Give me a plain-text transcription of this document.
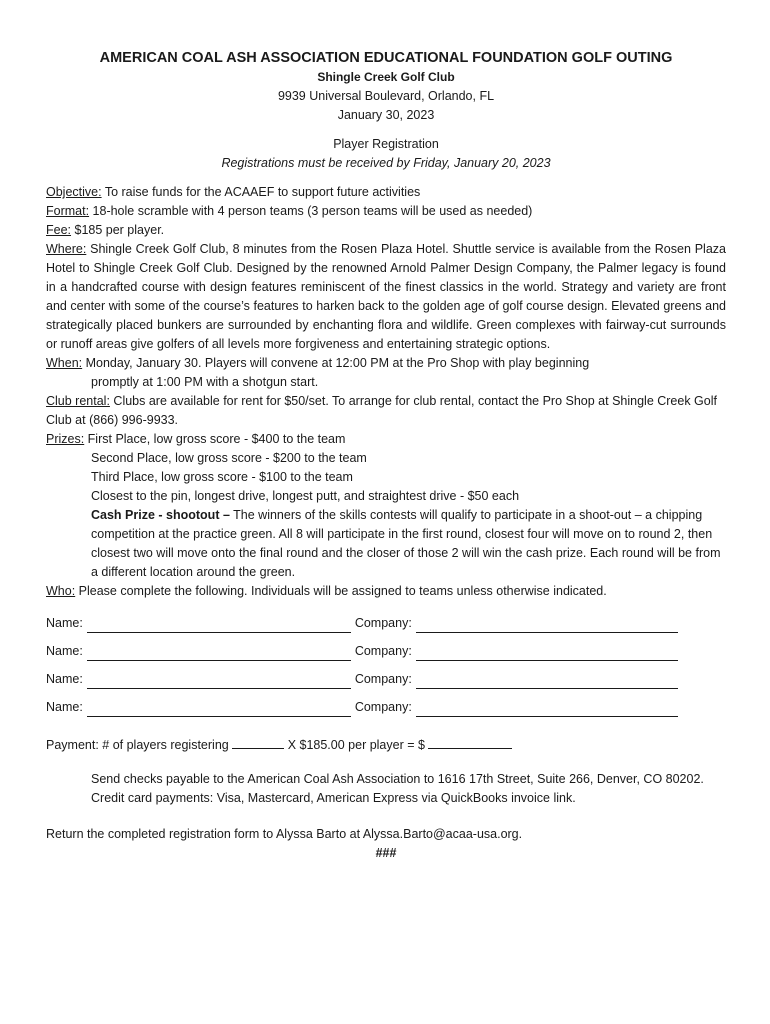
AMERICAN COAL ASH ASSOCIATION EDUCATIONAL FOUNDATION GOLF OUTING
Shingle Creek Golf Club
9939 Universal Boulevard, Orlando, FL
January 30, 2023
Player Registration
Registrations must be received by Friday, January 20, 2023
Objective: To raise funds for the ACAAEF to support future activities
Format: 18-hole scramble with 4 person teams (3 person teams will be used as needed)
Fee: $185 per player.
Where: Shingle Creek Golf Club, 8 minutes from the Rosen Plaza Hotel. Shuttle service is available from the Rosen Plaza Hotel to Shingle Creek Golf Club. Designed by the renowned Arnold Palmer Design Company, the Palmer legacy is found in a handcrafted course with design features reminiscent of the finest classics in the world. Strategy and variety are front and center with some of the course’s features to harken back to the golden age of golf course design. Elevated greens and strategically placed bunkers are surrounded by enchanting flora and wildlife. Green complexes with fairway-cut surrounds or runoff areas give golfers of all levels more forgiveness and entertaining strategic options.
When: Monday, January 30. Players will convene at 12:00 PM at the Pro Shop with play beginning
promptly at 1:00 PM with a shotgun start.
Club rental: Clubs are available for rent for $50/set. To arrange for club rental, contact the Pro Shop at Shingle Creek Golf Club at (866) 996-9933.
Prizes: First Place, low gross score - $400 to the team
Second Place, low gross score - $200 to the team
Third Place, low gross score - $100 to the team
Closest to the pin, longest drive, longest putt, and straightest drive - $50 each
Cash Prize - shootout – The winners of the skills contests will qualify to participate in a shoot-out – a chipping competition at the practice green. All 8 will participate in the first round, closest four will move on to round 2, then closest two will move onto the final round and the closer of those 2 will win the cash prize. Each round will be from a different location around the green.
Who: Please complete the following. Individuals will be assigned to teams unless otherwise indicated.
Name:	Company:
Name:	Company:
Name:	Company:
Name:	Company:
Payment: # of players registering	X $185.00 per player = $
Send checks payable to the American Coal Ash Association to 1616 17th Street, Suite 266, Denver, CO 80202.
Credit card payments: Visa, Mastercard, American Express via QuickBooks invoice link.
Return the completed registration form to Alyssa Barto at Alyssa.Barto@acaa-usa.org.
###
